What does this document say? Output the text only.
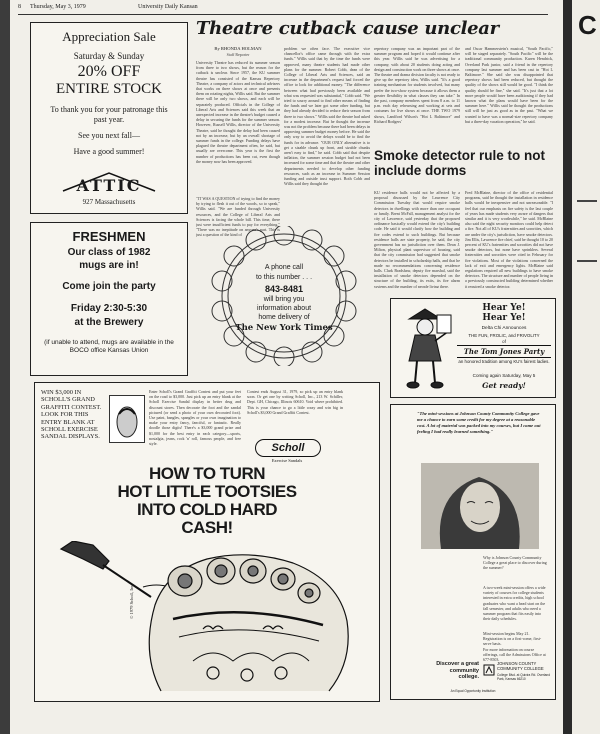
C
8 Thursday, May 3, 1979	University Daily Kansan
Appreciation Sale
Saturday & Sunday
20% OFF
ENTIRE STOCK
To thank you for your patronage this past year.
See you next fall—
Have a good summer!
ATTIC
927 Massachusetts
FRESHMEN
Our class of 1982
mugs are in!
Come join the party
Friday 2:30-5:30
at the Brewery
(if unable to attend, mugs are available in the BOCO office Kansas Union
Theatre cutback cause unclear
By RHONDA HOLMAN
Staff Reporter
University Theatre has reduced its summer season from three to two shows, but the reason for the cutback is unclear. Since 1957, the KU summer theatre has consisted of the Kansas Repertory Theatre, a company of actors and technical advisers that works on three shows at once and presents them on rotating nights, Willis said. But the summer there will be only two shows, and each will be separately produced. Officials in the College of Liberal Arts and Sciences said this week that an unexpected increase in the theatre's budget caused a delay in securing the funds for the summer season. However, Russell Willis, director of the University Theatre, said he thought the delay had been caused not by an increase, but by an overall shortage of summer funds in the college. Funding delays have plagued the theatre department often, he said, but usually are overcome. This year is the first the number of productions has been cut, even though the money now has been approved.
"IT WAS A QUESTION of trying to find the money by trying to flesh it out of the woods, so to speak," Willis said. "We are funded through University resources, and the College of Liberal Arts and Sciences is facing the whole bill. This time, there just were insufficient funds to pay for everything." "There was no ineptitude on anyone's part. This is just a question of the kind of
problem we often face. The executive vice chancellor's office came through with the extra funds." Willis said that by the time the funds were approved, many theatre students had made other plans for the summer. Robert Cobb, dean of the College of Liberal Arts and Sciences, said an increase in the department's request had forced the office to look for additional money. "The difference between what had previously been available and what was requested was substantial," Cobb said. "We tried to scurry around to find other means of finding the funds and we later got some other funding, but they had already decided to reduce their season from three to two shows." Willis said the theatre had asked for a modest increase. But he thought the increase was not the problem because there had been delays in approving summer budget money before. He said the only way to avoid the delays would be to find the funds for in advance. "OUR ONLY alternative is to get a sizable chunk up front, and sizable chunks aren't easy to find," he said. Cobb said that despite inflation, the summer session budget had not been increased for some time and that the theatre and other departments needed to develop other funding resources, such as an increase in Summer Session funding and outside trust support. Both Cobb and Willis said they thought the
repertory company was an important part of the summer program and hoped it would continue after this year. Willis said he was advertising for a company, with about 20 students doing acting and design and construction work on three shows at once. The theatre and drama division faculty is not ready to give up the repertory idea, Willis said. "It's a good training mechanism for students involved, but many prefer the two-show system because it allows them a greater flexibility in what classes they can take." In the past, company members spent from 8 a.m. to 11 p.m. each day rehearsing and working at sets and costumes for live shows at once. THE TWO 1979 shows, Landford Wilson's "Hot L Baltimore" and Richard Rodgers'
and Oscar Hammerstein's musical, "South Pacific," will be staged separately. "South Pacific" will be the traditional community production. Karen Hendrick, Overland Park junior, said a friend in the repertory company last summer and has been cast in "Hot L Baltimore." She said she was disappointed that repertory shows had been reduced, but thought the quality of the shows still would be good. "I think the quality should be fine," she said. "It's just that a lot more people would have been auditioning if they had known what the plans would have been for the summer here." Willis said he thought the productions still will be just as good as in the past. "What we wanted to have was a normal-size repertory company but a three-day vacation operation," he said.
Smoke detector rule to not include dorms
KU residence halls would not be affected by a proposal discussed by the Lawrence City Commission Tuesday that would require smoke detectors in dwellings with more than one occupant or family. Brent McFall, management analyst for the city of Lawrence, said yesterday that the proposed ordinance basically would extend the city's building code. He said it would clarify how the building and fire codes extend to such buildings. But because residence halls are state property, he said, the city government has no jurisdiction over them. Dean J. Milton, physical plant supervisor of housing, said that the city commission had suggested that smoke detectors be installed in scholarship halls, and that he made no recommendations concerning residence halls. Clark Bradshaw, deputy fire marshal, said the installation of smoke detectors depended on the structure of the building, its exits, its fire alarm systems and the number of people living there.
Fred McBlaine, director of the office of residential programs, said he thought the installation in residence halls would be inexpensive and not unreasonable. "I feel that our emphasis on fire safety is the last couple of years has made students very aware of dangers that similar and it is very worthwhile," he said. McBlaine also said the night security monitors could help detect a fire. Not all of KU's fraternities and sororities, which are under the city's jurisdiction, have smoke detectors. Jim Ellis, Lawrence fire chief, said he thought 10 to 20 percent of KU's fraternities and sororities did not have smoke detectors, but none have sprinklers. Several fraternities and sororities were cited in February for fire violations. Most of the violations concerned the lack of exit and emergency lights. McBlaine said regulations required all new buildings to have smoke detectors. The structure and number of people living in a previously constructed building determined whether it required a smoke detector.
A phone call
to this number . . .
843-8481
will bring you
information about
home delivery of
The New York Times
WIN $3,000 IN SCHOLL'S GRAND GRAFFITI CONTEST. LOOK FOR THIS ENTRY BLANK AT SCHOLL EXERCISE SANDAL DISPLAYS.
Enter Scholl's Grand Graffiti Contest and put your feet on the road to $3,000. Just pick up an entry blank at the Scholl Exercise Sandal display in better drug and discount stores. Then decorate the foot and the sandal pictured (or send a photo of your own decorated foot). Use paint, bangles, spangles or your own imagination to make your entry fancy, fanciful, or fantastic. Really doodle those digits! There's a $3,000 grand prize and $1,000 for the best entry in each category—sports, nostalgia, jeans, rock 'n' roll, famous people, and free style.
Contest ends August 31, 1979, so pick up an entry blank soon. Or get one by writing Scholl, Inc., 213 W. Schiller, Dept. GH, Chicago, Illinois 60610. Void where prohibited. This is your chance to go a little crazy and win big in Scholl's $3,000 Grand Graffiti Contest.
Scholl
Exercise Sandals
HOW TO TURN
HOT LITTLE TOOTSIES
INTO COLD HARD
CASH!
© 1979 Scholl, Inc.
Hear Ye!
Hear Ye!
Delta Chi Announces
THE FUN, FROLIC, and FRIVOLITY
of
The Tom Jones Party
an honored tradition among KU's fairest ladies.
Coming again Saturday, May 5
Get ready!
"The mini-sessions at Johnson County Community College gave me a chance to earn some credit for my degree at a reasonable cost. A lot of material was packed into my courses, but I came out feeling I had really learned something."
Why is Johnson County Community College a great place to discover during the summer?
A two-week mini-session offers a wide variety of courses for college students interested in extra credits, high school graduates who want a head start on the fall semester, and adults who need a summer program that fits easily into their daily schedules.
Mini-session begins May 21. Registration is on a first-come, first-serve basis.
For more information on course offerings, call the Admissions Office at 677-8503.
Discover a great community college.
JOHNSON COUNTY COMMUNITY COLLEGE
College Blvd. at Quivira Rd. Overland Park, Kansas 66210
An Equal Opportunity Institution
